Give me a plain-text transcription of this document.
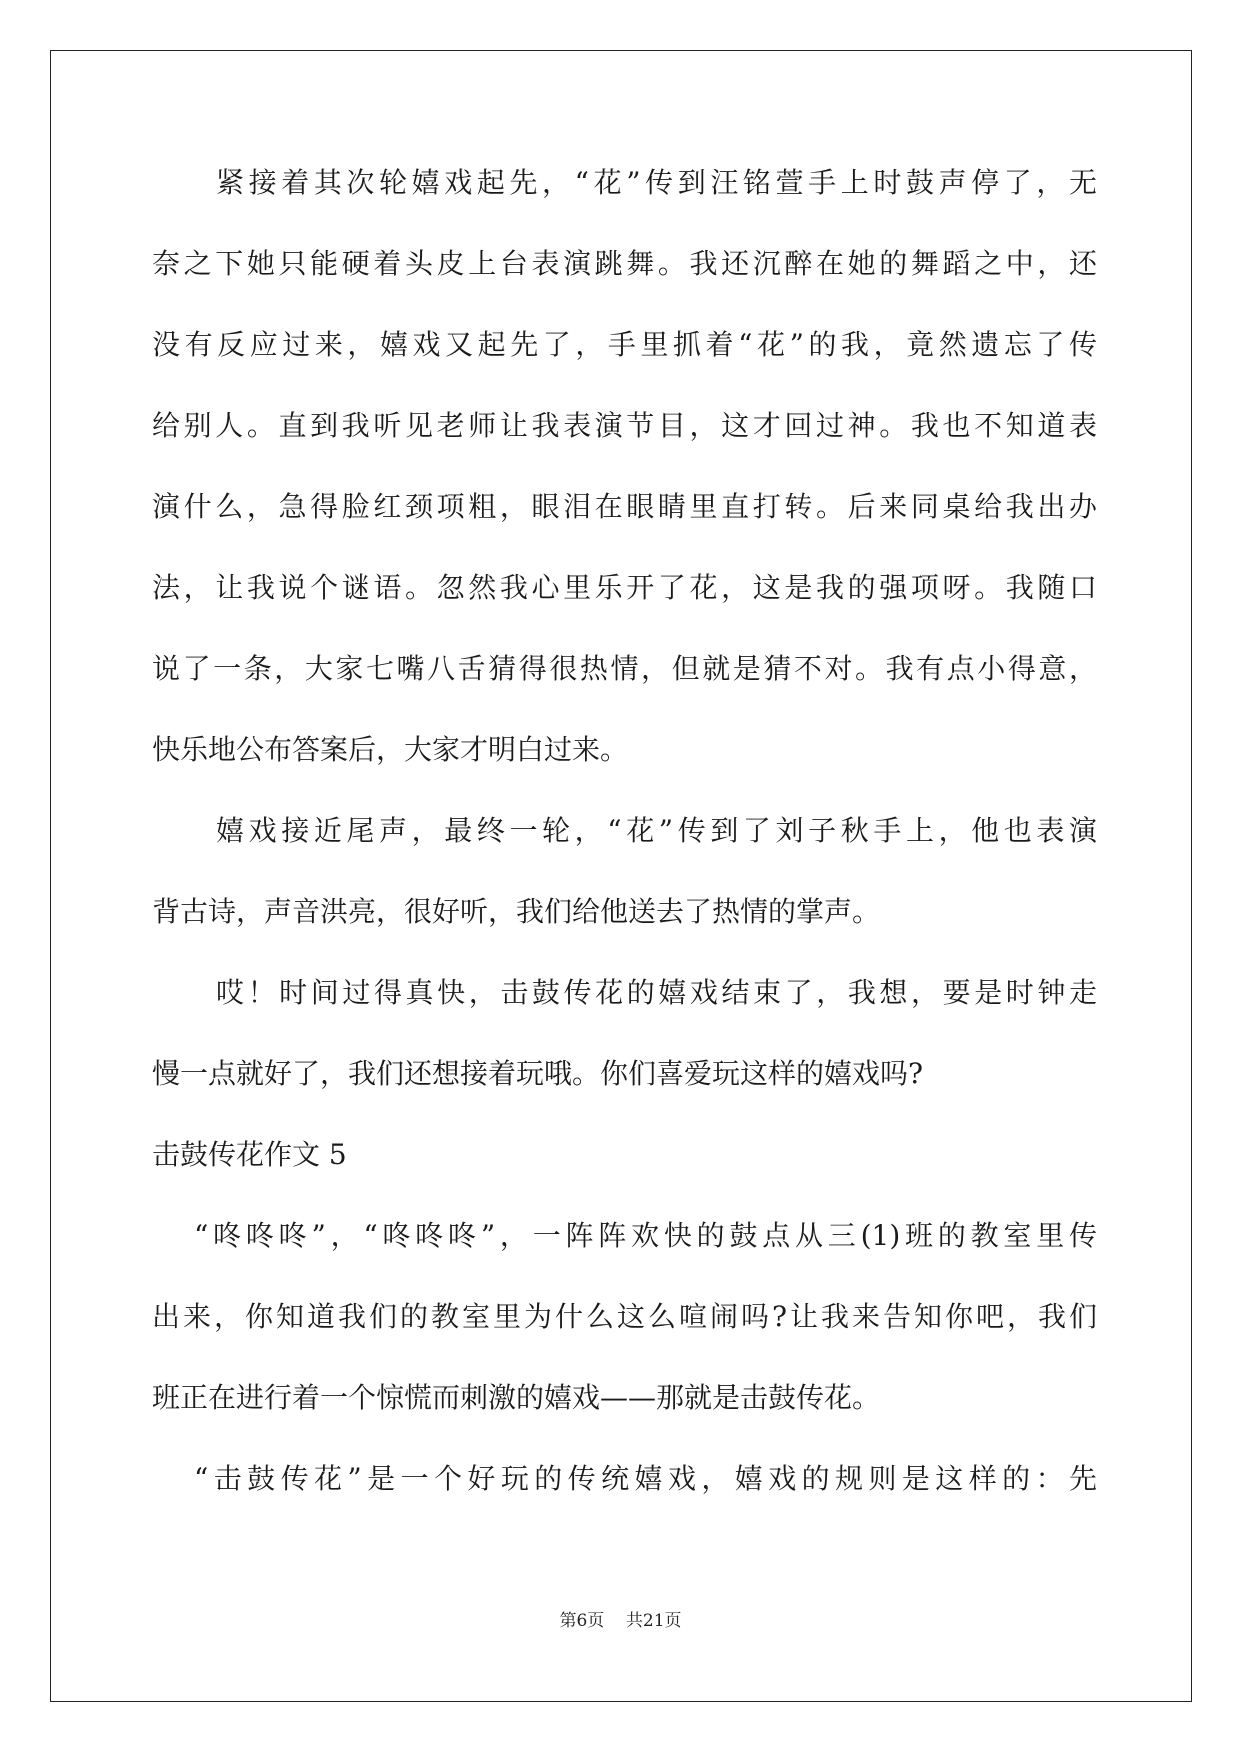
紧接着其次轮嬉戏起先，“花”传到汪铭萱手上时鼓声停了，无
奈之下她只能硬着头皮上台表演跳舞。我还沉醉在她的舞蹈之中，还
没有反应过来，嬉戏又起先了，手里抓着“花”的我，竟然遗忘了传
给别人。直到我听见老师让我表演节目，这才回过神。我也不知道表
演什么，急得脸红颈项粗，眼泪在眼睛里直打转。后来同桌给我出办
法，让我说个谜语。忽然我心里乐开了花，这是我的强项呀。我随口
说了一条，大家七嘴八舌猜得很热情，但就是猜不对。我有点小得意，
快乐地公布答案后，大家才明白过来。
嬉戏接近尾声，最终一轮，“花”传到了刘子秋手上，他也表演
背古诗，声音洪亮，很好听，我们给他送去了热情的掌声。
哎！时间过得真快，击鼓传花的嬉戏结束了，我想，要是时钟走
慢一点就好了，我们还想接着玩哦。你们喜爱玩这样的嬉戏吗?
击鼓传花作文 5
“咚咚咚”，“咚咚咚”，一阵阵欢快的鼓点从三(1)班的教室里传
出来，你知道我们的教室里为什么这么喧闹吗?让我来告知你吧，我们
班正在进行着一个惊慌而刺激的嬉戏——那就是击鼓传花。
“击鼓传花”是一个好玩的传统嬉戏，嬉戏的规则是这样的：先
第6页    共21页
